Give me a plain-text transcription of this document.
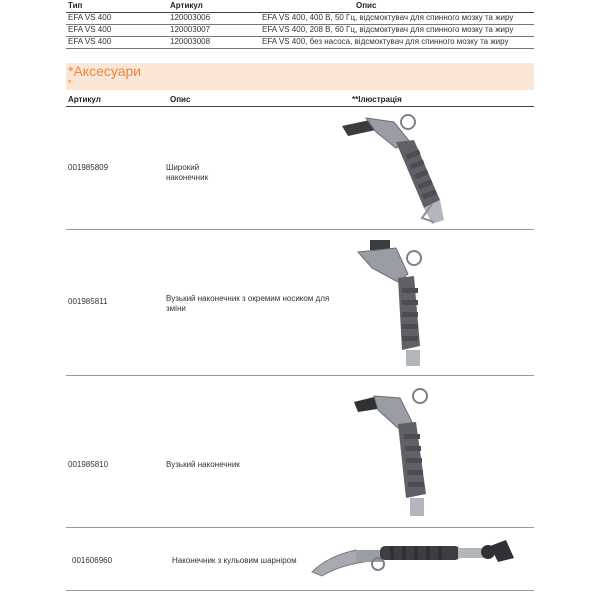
Тип	Артикул	Опис
EFA VS 400	120003006	EFA VS 400, 400 В, 50 Гц, відсмоктувач для спинного мозку та жиру
EFA VS 400	120003007	EFA VS 400, 208 В, 60 Гц, відсмоктувач для спинного мозку та жиру
EFA VS 400	120003008	EFA VS 400, без насоса, відсмоктувач для спинного мозку та жиру
*Аксесуари
*
Артикул	Опис	**Ілюстрація
001985809	Широкий наконечник
001985811	Вузький наконечник з окремим носиком для зміни
001985810	Вузький наконечник
001606960	Наконечник з кульовим шарніром
